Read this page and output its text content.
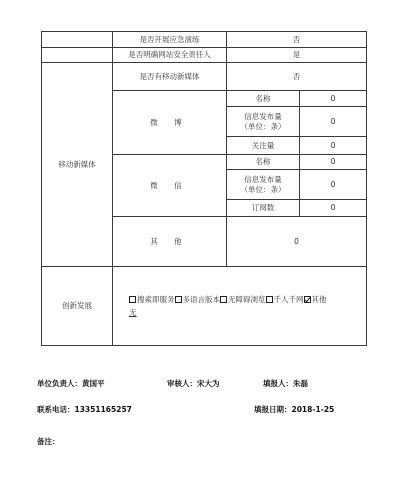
	是否开展应急演练	否	
	是否明确网站安全责任人	是	
移动新媒体	是否有移动新媒体	否	
	微 博	名称	0

		信息发布量
（单位：条）	0
		关注量	0
	微 信	名称	0

		信息发布量
（单位：条）	0
		订阅数	0
	其 他	0	
创新发展	搜索即服务 多语言版本 无障碍浏览 千人千网 其他
无		
单位负责人：黄国平	审核人：宋大为	填报人：朱磊
联系电话：13351165257	填报日期：2018-1-25
备注：
